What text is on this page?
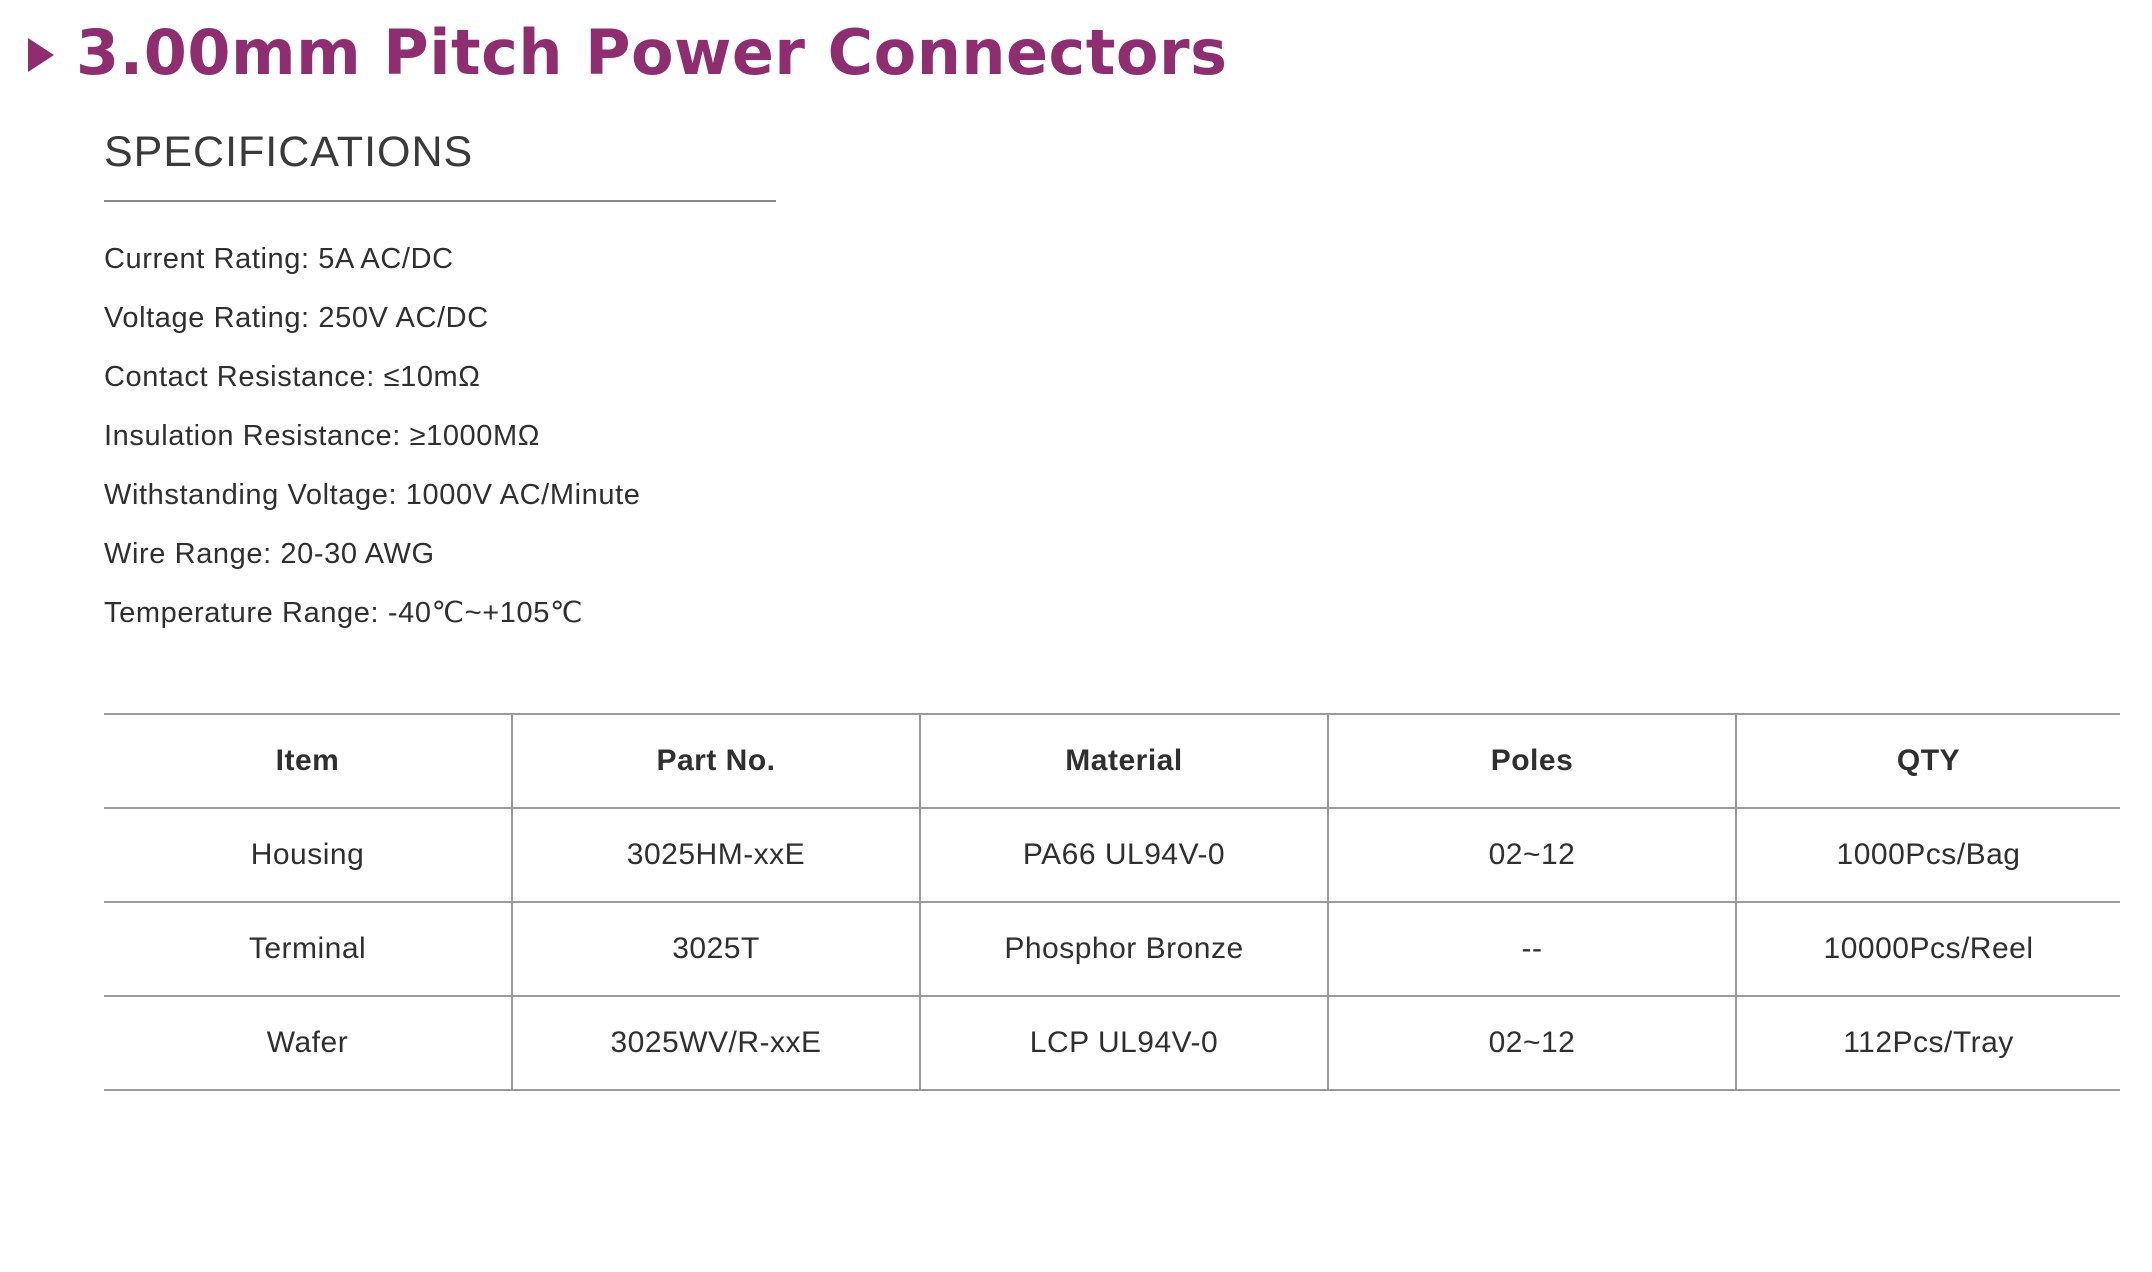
3.00mm Pitch Power Connectors
SPECIFICATIONS
Current Rating: 5A AC/DC
Voltage Rating: 250V AC/DC
Contact Resistance: ≤10mΩ
Insulation Resistance: ≥1000MΩ
Withstanding Voltage: 1000V AC/Minute
Wire Range: 20-30 AWG
Temperature Range: -40℃~+105℃
Item	Part No.	Material	Poles	QTY
Housing	3025HM-xxE	PA66 UL94V-0	02~12	1000Pcs/Bag
Terminal	3025T	Phosphor Bronze	--	10000Pcs/Reel
Wafer	3025WV/R-xxE	LCP UL94V-0	02~12	112Pcs/Tray
